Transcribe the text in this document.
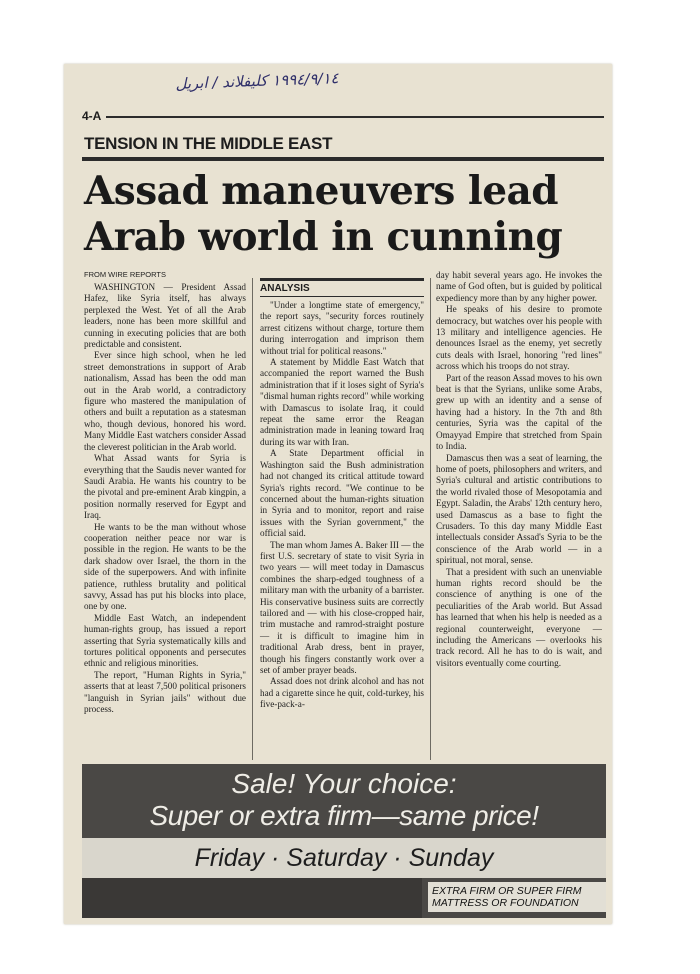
١٩٩٤/٩/١٤ كليفلاند / ابريل
4-A
TENSION IN THE MIDDLE EAST
Assad maneuvers lead Arab world in cunning
FROM WIRE REPORTS

WASHINGTON — President Assad Hafez, like Syria itself, has always perplexed the West. Yet of all the Arab leaders, none has been more skillful and cunning in executing policies that are both predictable and consistent.

Ever since high school, when he led street demonstrations in support of Arab nationalism, Assad has been the odd man out in the Arab world, a contradictory figure who mastered the manipulation of others and built a reputation as a statesman who, though devious, honored his word. Many Middle East watchers consider Assad the cleverest politician in the Arab world.

What Assad wants for Syria is everything that the Saudis never wanted for Saudi Arabia. He wants his country to be the pivotal and pre-eminent Arab kingpin, a position normally reserved for Egypt and Iraq.

He wants to be the man without whose cooperation neither peace nor war is possible in the region. He wants to be the dark shadow over Israel, the thorn in the side of the superpowers. And with infinite patience, ruthless brutality and political savvy, Assad has put his blocks into place, one by one.

Middle East Watch, an independent human-rights group, has issued a report asserting that Syria systematically kills and tortures political opponents and persecutes ethnic and religious minorities.

The report, "Human Rights in Syria," asserts that at least 7,500 political prisoners "languish in Syrian jails" without due process.

ANALYSIS

"Under a longtime state of emergency," the report says, "security forces routinely arrest citizens without charge, torture them during interrogation and imprison them without trial for political reasons."

A statement by Middle East Watch that accompanied the report warned the Bush administration that if it loses sight of Syria's "dismal human rights record" while working with Damascus to isolate Iraq, it could repeat the same error the Reagan administration made in leaning toward Iraq during its war with Iran.

A State Department official in Washington said the Bush administration had not changed its critical attitude toward Syria's rights record. "We continue to be concerned about the human-rights situation in Syria and to monitor, report and raise issues with the Syrian government," the official said.

The man whom James A. Baker III — the first U.S. secretary of state to visit Syria in two years — will meet today in Damascus combines the sharp-edged toughness of a military man with the urbanity of a barrister. His conservative business suits are correctly tailored and — with his close-cropped hair, trim mustache and ramrod-straight posture — it is difficult to imagine him in traditional Arab dress, bent in prayer, though his fingers constantly work over a set of amber prayer beads.

Assad does not drink alcohol and has not had a cigarette since he quit, cold-turkey, his five-pack-a-

day habit several years ago. He invokes the name of God often, but is guided by political expediency more than by any higher power.

He speaks of his desire to promote democracy, but watches over his people with 13 military and intelligence agencies. He denounces Israel as the enemy, yet secretly cuts deals with Israel, honoring "red lines" across which his troops do not stray.

Part of the reason Assad moves to his own beat is that the Syrians, unlike some Arabs, grew up with an identity and a sense of having had a history. In the 7th and 8th centuries, Syria was the capital of the Omayyad Empire that stretched from Spain to India.

Damascus then was a seat of learning, the home of poets, philosophers and writers, and Syria's cultural and artistic contributions to the world rivaled those of Mesopotamia and Egypt. Saladin, the Arabs' 12th century hero, used Damascus as a base to fight the Crusaders. To this day many Middle East intellectuals consider Assad's Syria to be the conscience of the Arab world — in a spiritual, not moral, sense.

That a president with such an unenviable human rights record should be the conscience of anything is one of the peculiarities of the Arab world. But Assad has learned that when his help is needed as a regional counterweight, everyone — including the Americans — overlooks his track record. All he has to do is wait, and visitors eventually come courting.

Sale! Your choice:
Super or extra firm—same price!
Friday · Saturday · Sunday
EXTRA FIRM OR SUPER FIRM MATTRESS OR FOUNDATION
